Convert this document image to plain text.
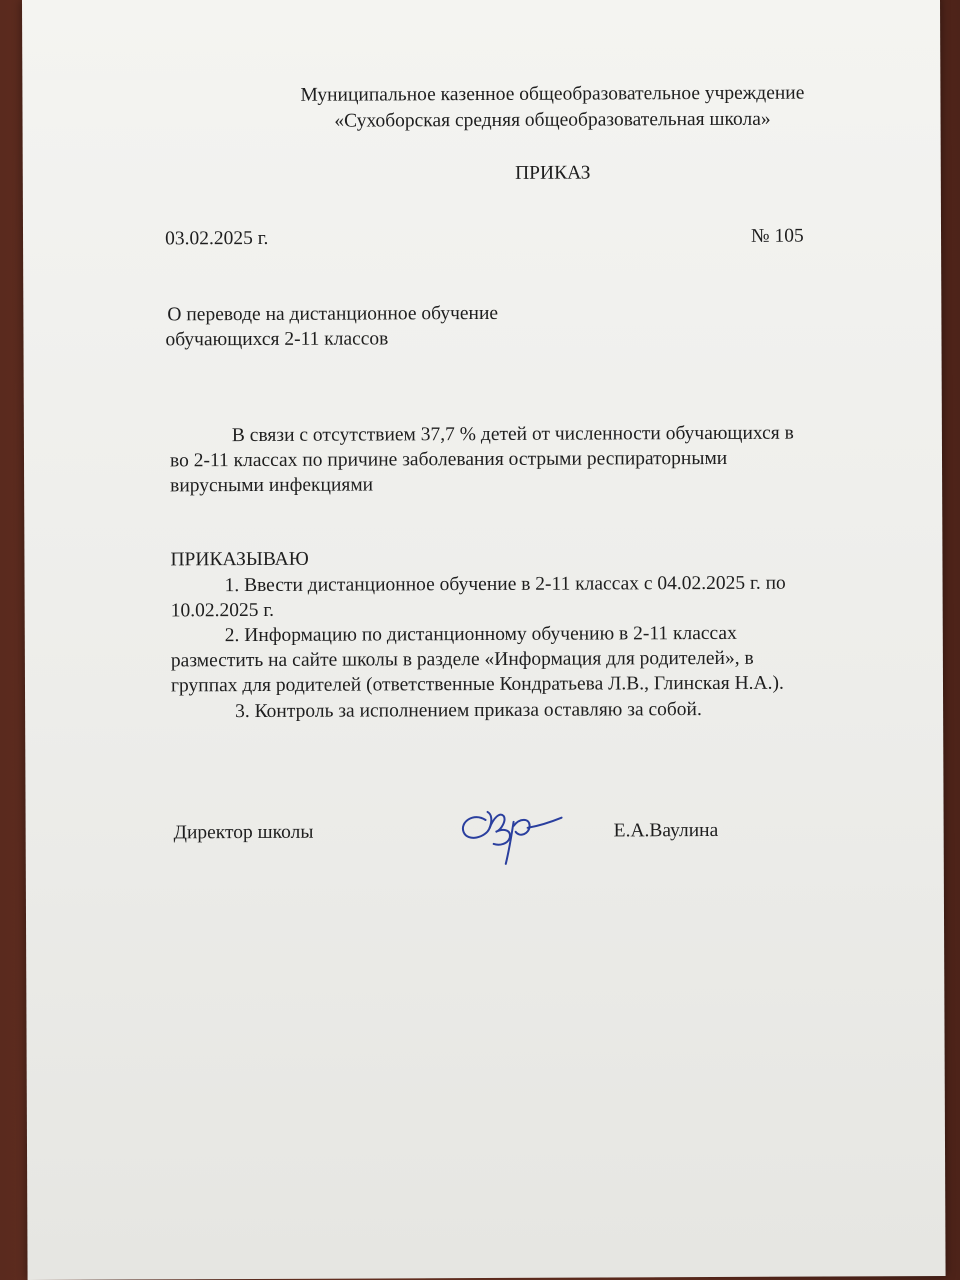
Муниципальное казенное общеобразовательное учреждение
«Сухоборская средняя общеобразовательная школа»
ПРИКАЗ
03.02.2025 г.	№ 105
О переводе на дистанционное обучение
обучающихся 2-11 классов
В связи с отсутствием 37,7 % детей от численности обучающихся в
во 2-11 классах по причине заболевания острыми респираторными
вирусными инфекциями
ПРИКАЗЫВАЮ
1. Ввести дистанционное обучение в 2-11 классах с 04.02.2025 г. по
10.02.2025 г.
2. Информацию по дистанционному обучению в 2-11 классах
разместить на сайте школы в разделе «Информация для родителей», в
группах для родителей (ответственные Кондратьева Л.В., Глинская Н.А.).
3. Контроль за исполнением приказа оставляю за собой.
Директор школы	Е.А.Ваулина
